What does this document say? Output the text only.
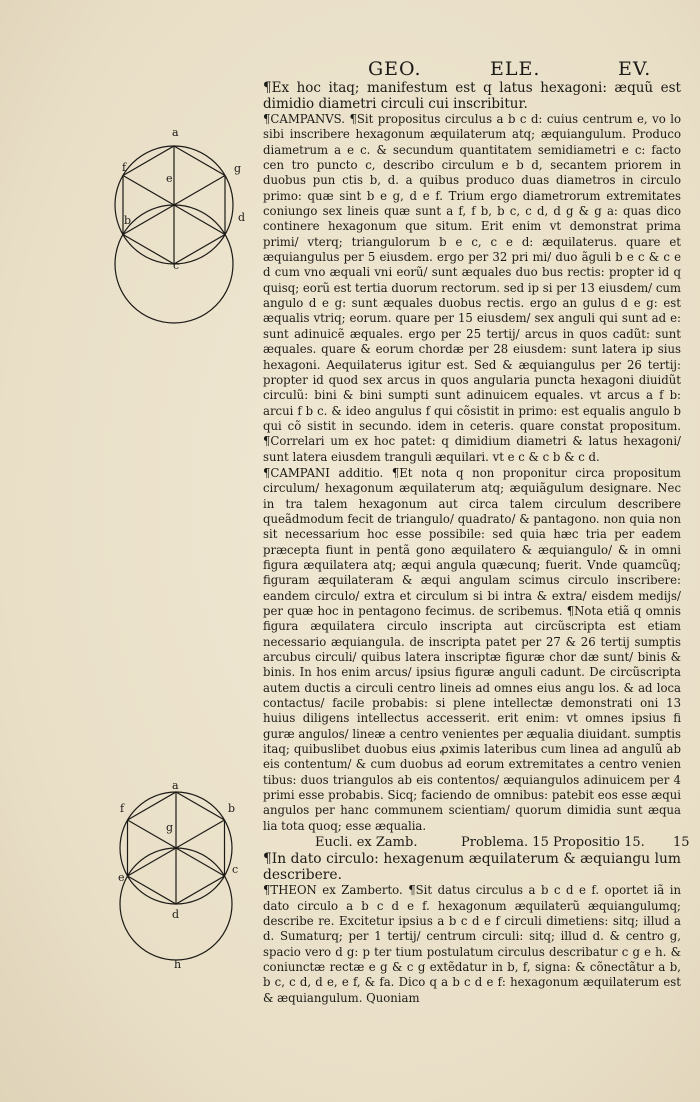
GEO.	ELE.	EV.
a
g
f
e
b	d
c
a
b
f
g
c
e
d
h

¶Ex hoc itaq; manifestum est q latus hexagoni: æquũ est dimidio diametri circuli cui inscribitur.

¶CAMPANVS. ¶Sit propositus circulus a b c d: cuius centrum e, vo lo sibi inscribere hexagonum æquilaterum atq; æquiangulum. Produco diametrum a e c. & secundum quantitatem semidiametri e c: facto cen tro puncto c, describo circulum e b d, secantem priorem in duobus pun ctis b, d. a quibus produco duas diametros in circulo primo: quæ sint b e g, d e f. Trium ergo diametrorum extremitates coniungo sex lineis quæ sunt a f, f b, b c, c d, d g & g a: quas dico continere hexagonum que situm. Erit enim vt demonstrat prima primi/ vterq; triangulorum b e c, c e d: æquilaterus. quare et æquiangulus per 5 eiusdem. ergo per 32 pri mi/ duo ãguli b e c & c e d cum vno æquali vni eorũ/ sunt æquales duo bus rectis: propter id q quisq; eorũ est tertia duorum rectorum. sed ip si per 13 eiusdem/ cum angulo d e g: sunt æquales duobus rectis. ergo an gulus d e g: est æqualis vtriq; eorum. quare per 15 eiusdem/ sex anguli qui sunt ad e: sunt adinuicẽ æquales. ergo per 25 tertij/ arcus in quos cadũt: sunt æquales. quare & eorum chordæ per 28 eiusdem: sunt latera ip sius hexagoni. Aequilaterus igitur est. Sed & æquiangulus per 26 tertij: propter id quod sex arcus in quos angularia puncta hexagoni diuidũt circulũ: bini & bini sumpti sunt adinuicem equales. vt arcus a f b: arcui f b c. & ideo angulus f qui cõsistit in primo: est equalis angulo b qui cõ sistit in secundo. idem in ceteris. quare constat propositum. ¶Correlari um ex hoc patet: q dimidium diametri & latus hexagoni/ sunt latera eiusdem tranguli æquilari. vt e c & c b & c d.

¶CAMPANI additio. ¶Et nota q non proponitur circa propositum circulum/ hexagonum æquilaterum atq; æquiãgulum designare. Nec in tra talem hexagonum aut circa talem circulum describere queãdmodum fecit de triangulo/ quadrato/ & pantagono. non quia non sit necessarium hoc esse possibile: sed quia hæc tria per eadem præcepta fiunt in pentã gono æquilatero & æquiangulo/ & in omni figura æquilatera atq; æqui angula quæcunq; fuerit. Vnde quamcũq; figuram æquilateram & æqui angulam scimus circulo inscribere: eandem circulo/ extra et circulum si bi intra & extra/ eisdem medijs/ per quæ hoc in pentagono fecimus. de scribemus. ¶Nota etiã q omnis figura æquilatera circulo inscripta aut circũscripta est etiam necessario æquiangula. de inscripta patet per 27 & 26 tertij sumptis arcubus circuli/ quibus latera inscriptæ figuræ chor dæ sunt/ binis & binis. In hos enim arcus/ ipsius figuræ anguli cadunt. De circũscripta autem ductis a circuli centro lineis ad omnes eius angu los. & ad loca contactus/ facile probabis: si plene intellectæ demonstrati oni 13 huius diligens intellectus accesserit. erit enim: vt omnes ipsius fi guræ angulos/ lineæ a centro venientes per æqualia diuidant. sumptis itaq; quibuslibet duobus eius ꝓximis lateribus cum linea ad angulũ ab eis contentum/ & cum duobus ad eorum extremitates a centro venien tibus: duos triangulos ab eis contentos/ æquiangulos adinuicem per 4 primi esse probabis. Sicq; faciendo de omnibus: patebit eos esse æqui angulos per hanc communem scientiam/ quorum dimidia sunt æqua lia tota quoq; esse æqualia.

Eucli. ex Zamb.	Problema. 15 Propositio 15. 15

¶In dato circulo: hexagenum æquilaterum & æquiangu lum describere.

¶THEON ex Zamberto. ¶Sit datus circulus a b c d e f. oportet iã in dato circulo a b c d e f. hexagonum æquilaterũ æquiangulumq; describe re. Excitetur ipsius a b c d e f circuli dimetiens: sitq; illud a d. Sumaturq; per 1 tertij/ centrum circuli: sitq; illud d. & centro g, spacio vero d g: p ter tium postulatum circulus describatur c g e h. & coniunctæ rectæ e g & c g extẽdatur in b, f, signa: & cõnectãtur a b, b c, c d, d e, e f, & fa. Dico q a b c d e f: hexagonum æquilaterum est & æquiangulum. Quoniam
